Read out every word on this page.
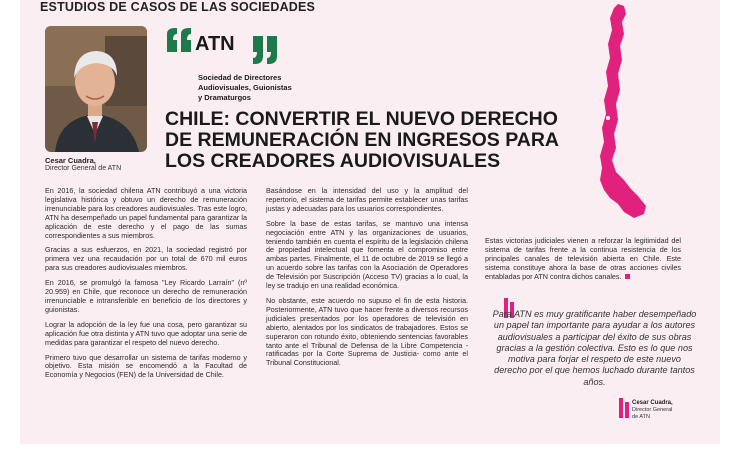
ESTUDIOS DE CASOS DE LAS SOCIEDADES
Cesar Cuadra,
Director General de ATN
ATN
Sociedad de Directores
Audiovisuales, Guionistas
y Dramaturgos
CHILE: CONVERTIR EL NUEVO DERECHO
DE REMUNERACIÓN EN INGRESOS PARA
LOS CREADORES AUDIOVISUALES

En 2016, la sociedad chilena ATN contribuyó a una victoria legislativa histórica y obtuvo un derecho de remuneración irrenunciable para los creadores audiovisuales. Tras este logro, ATN ha desempeñado un papel fundamental para garantizar la aplicación de este derecho y el pago de las sumas correspondientes a sus miembros.

Gracias a sus esfuerzos, en 2021, la sociedad registró por primera vez una recaudación por un total de 670 mil euros para sus creadores audiovisuales miembros.

En 2016, se promulgó la famosa "Ley Ricardo Larraín" (nº 20.959) en Chile, que reconoce un derecho de remuneración irrenunciable e intransferible en beneficio de los directores y guionistas.

Lograr la adopción de la ley fue una cosa, pero garantizar su aplicación fue otra distinta y ATN tuvo que adoptar una serie de medidas para garantizar el respeto del nuevo derecho.

Primero tuvo que desarrollar un sistema de tarifas moderno y objetivo. Esta misión se encomendó a la Facultad de Economía y Negocios (FEN) de la Universidad de Chile.

Basándose en la intensidad del uso y la amplitud del repertorio, el sistema de tarifas permite establecer unas tarifas justas y adecuadas para los usuarios correspondientes.

Sobre la base de estas tarifas, se mantuvo una intensa negociación entre ATN y las organizaciones de usuarios, teniendo también en cuenta el espíritu de la legislación chilena de propiedad intelectual que fomenta el compromiso entre ambas partes. Finalmente, el 11 de octubre de 2019 se llegó a un acuerdo sobre las tarifas con la Asociación de Operadores de Televisión por Suscripción (Acceso TV) gracias a lo cual, la ley se tradujo en una realidad económica.

No obstante, este acuerdo no supuso el fin de esta historia. Posteriormente, ATN tuvo que hacer frente a diversos recursos judiciales presentados por los operadores de televisión en abierto, alentados por los sindicatos de trabajadores. Estos se superaron con rotundo éxito, obteniendo sentencias favorables tanto ante el Tribunal de Defensa de la Libre Competencia - ratificadas por la Corte Suprema de Justicia- como ante el Tribunal Constitucional.

Estas victorias judiciales vienen a reforzar la legitimidad del sistema de tarifas frente a la continua resistencia de los principales canales de televisión abierta en Chile. Este sistema constituye ahora la base de otras acciones civiles entabladas por ATN contra dichos canales.

Para ATN es muy gratificante haber desempeñado un papel tan importante para ayudar a los autores audiovisuales a participar del éxito de sus obras gracias a la gestión colectiva. Esto es lo que nos motiva para forjar el respeto de este nuevo derecho por el que hemos luchado durante tantos años.
Cesar Cuadra,
Director General
de ATN
